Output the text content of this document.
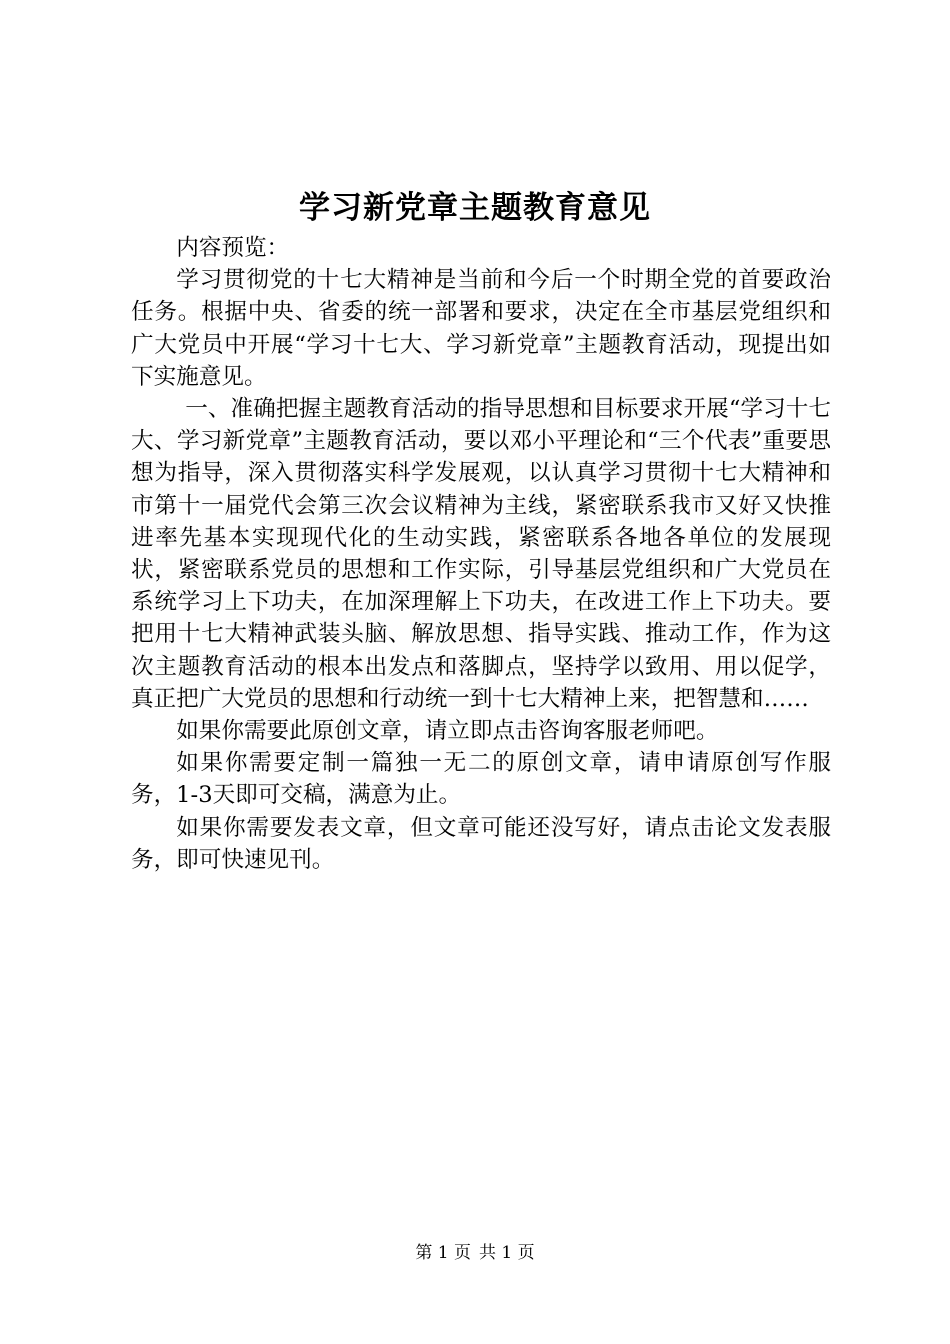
学习新党章主题教育意见

内容预览：

学习贯彻党的十七大精神是当前和今后一个时期全党的首要政治任务。根据中央、省委的统一部署和要求，决定在全市基层党组织和广大党员中开展“学习十七大、学习新党章”主题教育活动，现提出如下实施意见。

一、准确把握主题教育活动的指导思想和目标要求开展“学习十七大、学习新党章”主题教育活动，要以邓小平理论和“三个代表”重要思想为指导，深入贯彻落实科学发展观，以认真学习贯彻十七大精神和市第十一届党代会第三次会议精神为主线，紧密联系我市又好又快推进率先基本实现现代化的生动实践，紧密联系各地各单位的发展现状，紧密联系党员的思想和工作实际，引导基层党组织和广大党员在系统学习上下功夫，在加深理解上下功夫，在改进工作上下功夫。要把用十七大精神武装头脑、解放思想、指导实践、推动工作，作为这次主题教育活动的根本出发点和落脚点，坚持学以致用、用以促学，真正把广大党员的思想和行动统一到十七大精神上来，把智慧和……

如果你需要此原创文章，请立即点击咨询客服老师吧。

如果你需要定制一篇独一无二的原创文章，请申请原创写作服务，1-3天即可交稿，满意为止。

如果你需要发表文章，但文章可能还没写好，请点击论文发表服务，即可快速见刊。

第 1 页 共 1 页
